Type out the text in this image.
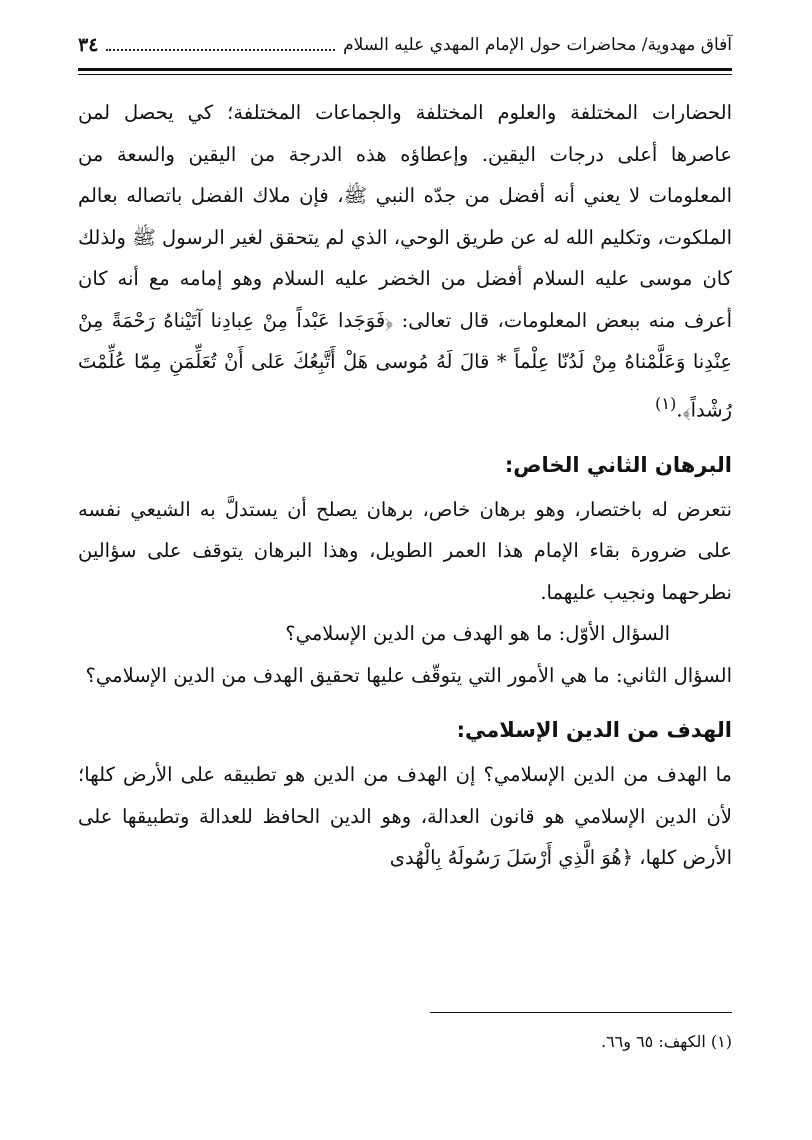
آفاق مهدوية/ محاضرات حول الإمام المهدي عليه السلام
٣٤

الحضارات المختلفة والعلوم المختلفة والجماعات المختلفة؛ كي يحصل لمن عاصرها أعلى درجات اليقين. وإعطاؤه هذه الدرجة من اليقين والسعة من المعلومات لا يعني أنه أفضل من جدّه النبي ﷺ، فإن ملاك الفضل باتصاله بعالم الملكوت، وتكليم الله له عن طريق الوحي، الذي لم يتحقق لغير الرسول ﷺ ولذلك كان موسى عليه السلام أفضل من الخضر عليه السلام وهو إمامه مع أنه كان أعرف منه ببعض المعلومات، قال تعالى: ﴿فَوَجَدا عَبْداً مِنْ عِبادِنا آتَيْناهُ رَحْمَةً مِنْ عِنْدِنا وَعَلَّمْناهُ مِنْ لَدُنّا عِلْماً * قالَ لَهُ مُوسى هَلْ أَتَّبِعُكَ عَلى أَنْ تُعَلِّمَنِ مِمّا عُلِّمْتَ رُشْداً﴾.$^{(١)}$

البرهان الثاني الخاص:

نتعرض له باختصار، وهو برهان خاص، برهان يصلح أن يستدلَّ به الشيعي نفسه على ضرورة بقاء الإمام هذا العمر الطويل، وهذا البرهان يتوقف على سؤالين نطرحهما ونجيب عليهما.

السؤال الأوّل: ما هو الهدف من الدين الإسلامي؟

السؤال الثاني: ما هي الأمور التي يتوقّف عليها تحقيق الهدف من الدين الإسلامي؟

الهدف من الدين الإسلامي:

ما الهدف من الدين الإسلامي؟ إن الهدف من الدين هو تطبيقه على الأرض كلها؛ لأن الدين الإسلامي هو قانون العدالة، وهو الدين الحافظ للعدالة وتطبيقها على الأرض كلها، ﴿هُوَ الَّذِي أَرْسَلَ رَسُولَهُ بِالْهُدى

(١) الكهف: ٦٥ و٦٦.
